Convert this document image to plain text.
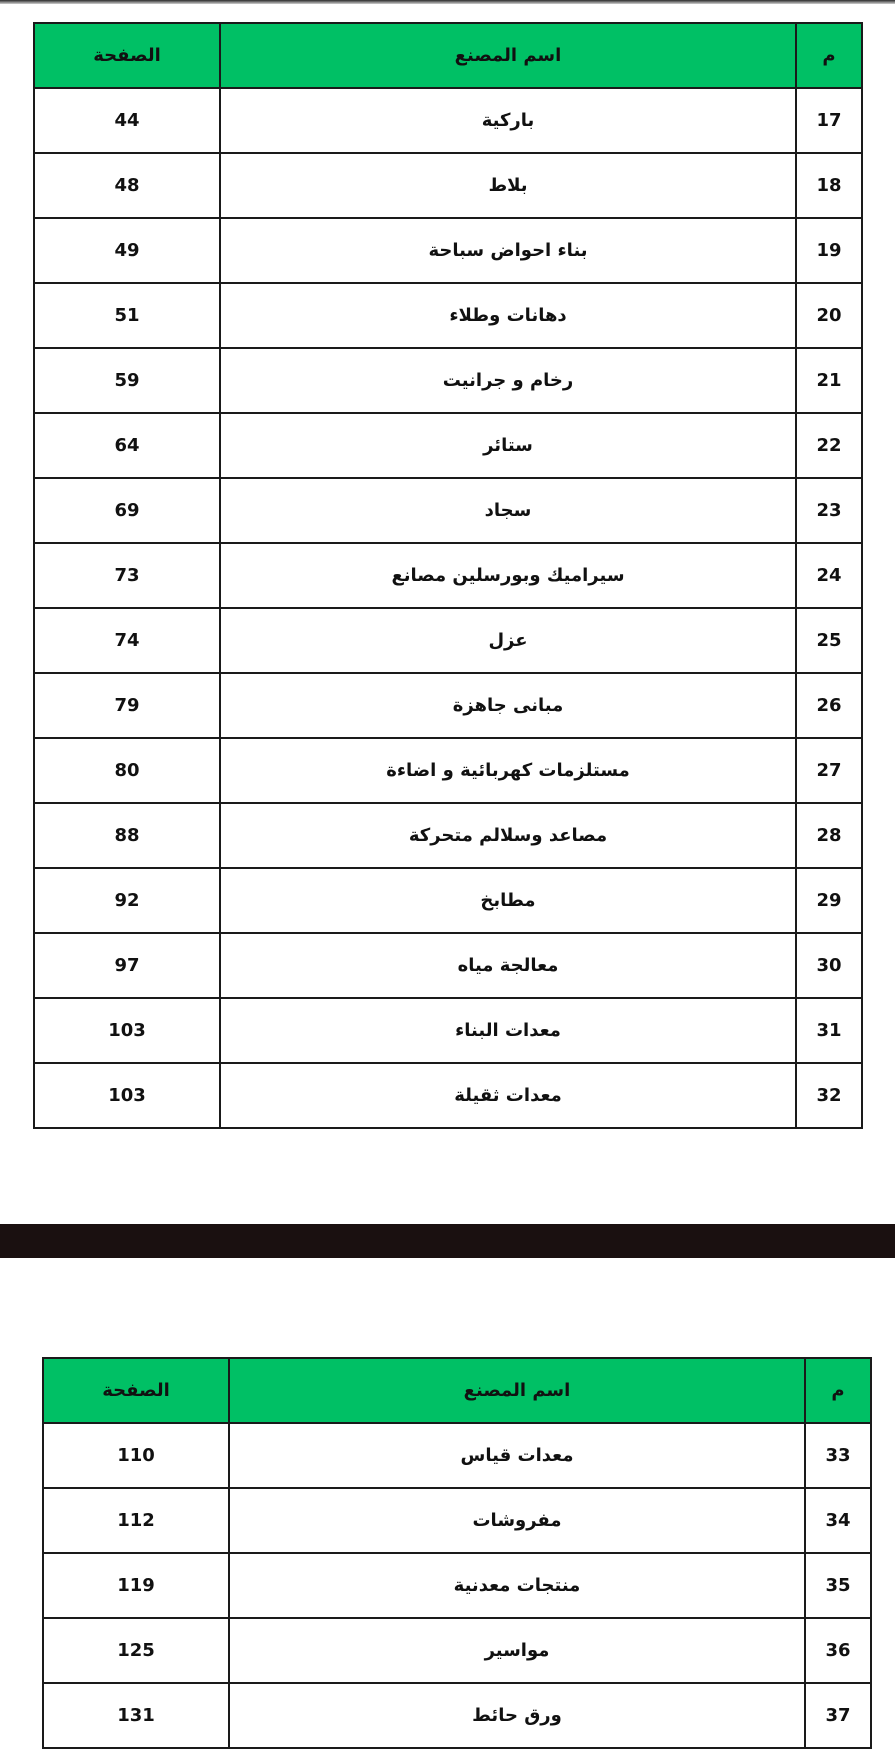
م	اسم المصنع	الصفحة
17	باركية	44
18	بلاط	48
19	بناء احواض سباحة	49
20	دهانات وطلاء	51
21	رخام و جرانيت	59
22	ستائر	64
23	سجاد	69
24	سيراميك وبورسلين مصانع	73
25	عزل	74
26	مبانى جاهزة	79
27	مستلزمات كهربائية و اضاءة	80
28	مصاعد وسلالم متحركة	88
29	مطابخ	92
30	معالجة مياه	97
31	معدات البناء	103
32	معدات ثقيلة	103
م	اسم المصنع	الصفحة
33	معدات قياس	110
34	مفروشات	112
35	منتجات معدنية	119
36	مواسير	125
37	ورق حائط	131
